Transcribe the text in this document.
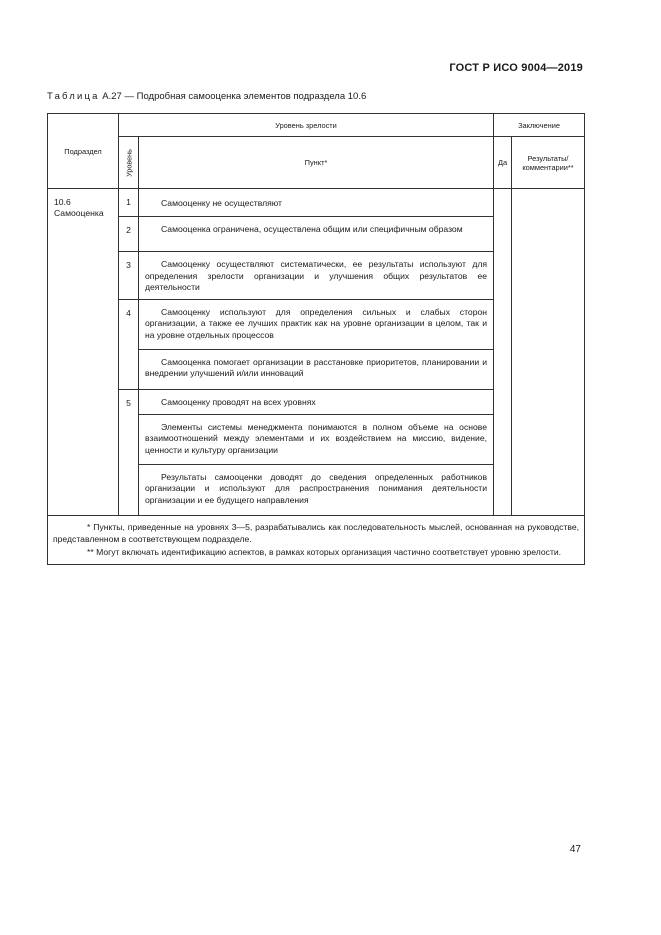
ГОСТ Р ИСО 9004—2019
Таблица А.27 — Подробная самооценка элементов подраздела 10.6
Подраздел	Уровень зрелости		Заключение	

	Уровень	Пункт*	Да	Результаты/ комментарии**

10.6
Самооценка	1	Самооценку не осуществляют		
	2	Самооценка ограничена, осуществлена общим или специфичным образом		
	3	Самооценку осуществляют систематически, ее результаты используют для определения зрелости организации и улучшения общих результатов ее деятельности		
	4	Самооценку используют для определения сильных и слабых сторон организации, а также ее лучших практик как на уровне организации в целом, так и на уровне отдельных процессов		
		Самооценка помогает организации в расстановке приоритетов, планировании и внедрении улучшений и/или инноваций		
	5	Самооценку проводят на всех уровнях		
		Элементы системы менеджмента понимаются в полном объеме на основе взаимоотношений между элементами и их воздействием на миссию, видение, ценности и культуру организации		
		Результаты самооценки доводят до сведения определенных работников организации и используют для распространения понимания деятельности организации и ее будущего направления		

* Пункты, приведенные на уровнях 3—5, разрабатывались как последовательность мыслей, основанная на руководстве, представленном в соответствующем подразделе.

** Могут включать идентификацию аспектов, в рамках которых организация частично соответствует уровню зрелости.				

47
